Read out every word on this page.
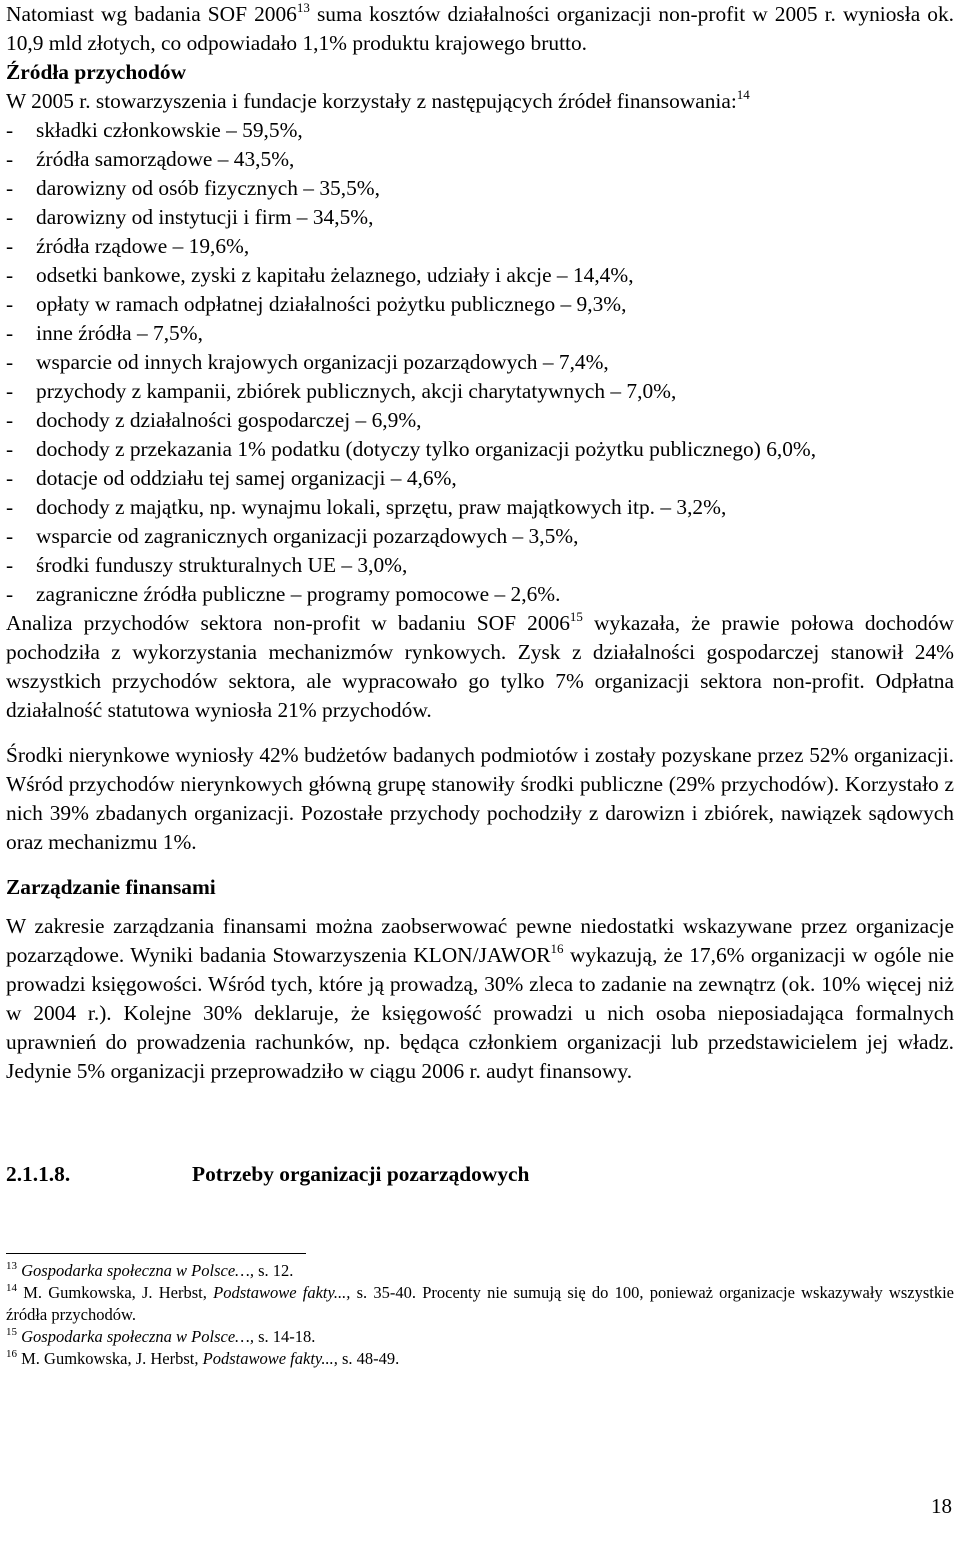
Natomiast wg badania SOF 2006$^{13}$ suma kosztów działalności organizacji non-profit w 2005 r. wyniosła ok. 10,9 mld złotych, co odpowiadało 1,1% produktu krajowego brutto.

Źródła przychodów

W 2005 r. stowarzyszenia i fundacje korzystały z następujących źródeł finansowania:$^{14}$

- składki członkowskie – 59,5%,
- źródła samorządowe – 43,5%,
- darowizny od osób fizycznych – 35,5%,
- darowizny od instytucji i firm – 34,5%,
- źródła rządowe – 19,6%,
- odsetki bankowe, zyski z kapitału żelaznego, udziały i akcje – 14,4%,
- opłaty w ramach odpłatnej działalności pożytku publicznego – 9,3%,
- inne źródła – 7,5%,
- wsparcie od innych krajowych organizacji pozarządowych – 7,4%,
- przychody z kampanii, zbiórek publicznych, akcji charytatywnych – 7,0%,
- dochody z działalności gospodarczej – 6,9%,
- dochody z przekazania 1% podatku (dotyczy tylko organizacji pożytku publicznego) 6,0%,
- dotacje od oddziału tej samej organizacji – 4,6%,
- dochody z majątku, np. wynajmu lokali, sprzętu, praw majątkowych itp. – 3,2%,
- wsparcie od zagranicznych organizacji pozarządowych – 3,5%,
- środki funduszy strukturalnych UE – 3,0%,
- zagraniczne źródła publiczne – programy pomocowe – 2,6%.

Analiza przychodów sektora non-profit w badaniu SOF 2006$^{15}$ wykazała, że prawie połowa dochodów pochodziła z wykorzystania mechanizmów rynkowych. Zysk z działalności gospodarczej stanowił 24% wszystkich przychodów sektora, ale wypracowało go tylko 7% organizacji sektora non-profit. Odpłatna działalność statutowa wyniosła 21% przychodów.

Środki nierynkowe wyniosły 42% budżetów badanych podmiotów i zostały pozyskane przez 52% organizacji. Wśród przychodów nierynkowych główną grupę stanowiły środki publiczne (29% przychodów). Korzystało z nich 39% zbadanych organizacji. Pozostałe przychody pochodziły z darowizn i zbiórek, nawiązek sądowych oraz mechanizmu 1%.

Zarządzanie finansami

W zakresie zarządzania finansami można zaobserwować pewne niedostatki wskazywane przez organizacje pozarządowe. Wyniki badania Stowarzyszenia KLON/JAWOR$^{16}$ wykazują, że 17,6% organizacji w ogóle nie prowadzi księgowości. Wśród tych, które ją prowadzą, 30% zleca to zadanie na zewnątrz (ok. 10% więcej niż w 2004 r.). Kolejne 30% deklaruje, że księgowość prowadzi u nich osoba nieposiadająca formalnych uprawnień do prowadzenia rachunków, np. będąca członkiem organizacji lub przedstawicielem jej władz. Jedynie 5% organizacji przeprowadziło w ciągu 2006 r. audyt finansowy.

2.1.1.8.	Potrzeby organizacji pozarządowych

$^{13}$ Gospodarka społeczna w Polsce…, s. 12.

$^{14}$ M. Gumkowska, J. Herbst, Podstawowe fakty..., s. 35-40. Procenty nie sumują się do 100, ponieważ organizacje wskazywały wszystkie źródła przychodów.

$^{15}$ Gospodarka społeczna w Polsce…, s. 14-18.

$^{16}$ M. Gumkowska, J. Herbst, Podstawowe fakty..., s. 48-49.

18
